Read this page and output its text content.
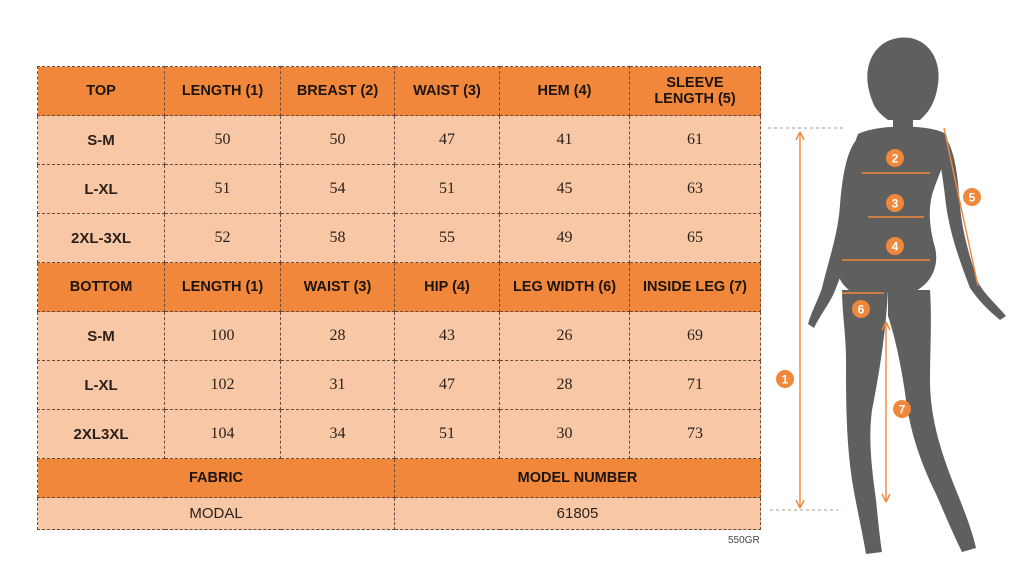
TOP	LENGTH (1)	BREAST (2)	WAIST (3)	HEM (4)	SLEEVE LENGTH (5)
S-M	50	50	47	41	61
L-XL	51	54	51	45	63
2XL-3XL	52	58	55	49	65
BOTTOM	LENGTH (1)	WAIST (3)	HIP (4)	LEG WIDTH (6)	INSIDE LEG (7)
S-M	100	28	43	26	69
L-XL	102	31	47	28	71
2XL3XL	104	34	51	30	73
FABRIC			MODEL NUMBER		
MODAL			61805		
550GR
1
2
3
4
5
6
7
